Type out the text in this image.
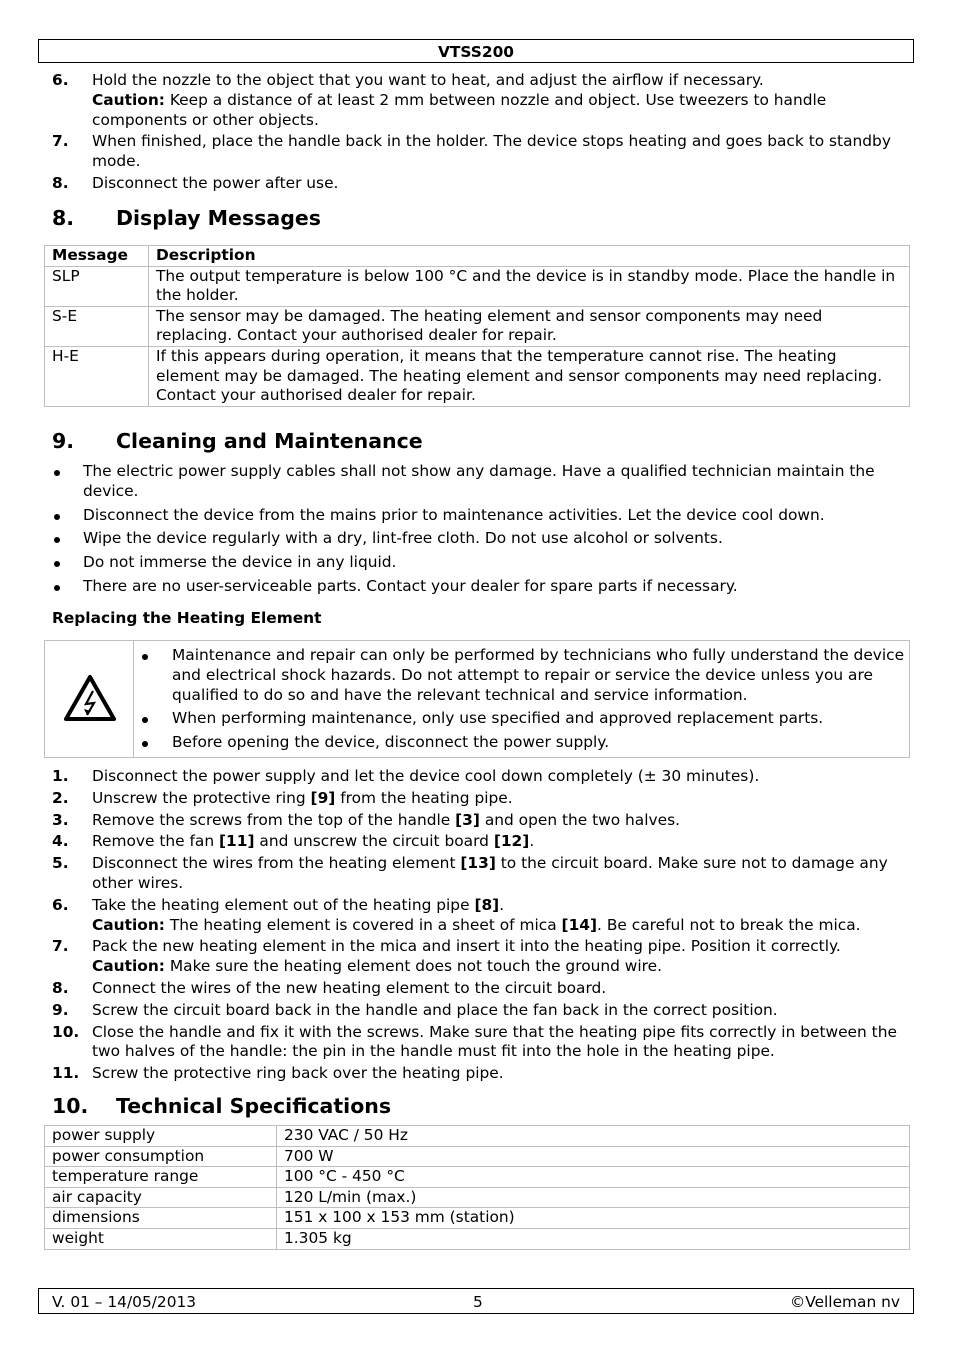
VTSS200
6. Hold the nozzle to the object that you want to heat, and adjust the airflow if necessary.
Caution: Keep a distance of at least 2 mm between nozzle and object. Use tweezers to handle components or other objects.
7. When finished, place the handle back in the holder. The device stops heating and goes back to standby mode.
8. Disconnect the power after use.
8. Display Messages
Message	Description
SLP	The output temperature is below 100 °C and the device is in standby mode. Place the handle in the holder.
S-E	The sensor may be damaged. The heating element and sensor components may need replacing. Contact your authorised dealer for repair.
H-E	If this appears during operation, it means that the temperature cannot rise. The heating element may be damaged. The heating element and sensor components may need replacing. Contact your authorised dealer for repair.
9. Cleaning and Maintenance
The electric power supply cables shall not show any damage. Have a qualified technician maintain the device.
Disconnect the device from the mains prior to maintenance activities. Let the device cool down.
Wipe the device regularly with a dry, lint-free cloth. Do not use alcohol or solvents.
Do not immerse the device in any liquid.
There are no user-serviceable parts. Contact your dealer for spare parts if necessary.
Replacing the Heating Element
Maintenance and repair can only be performed by technicians who fully understand the device and electrical shock hazards. Do not attempt to repair or service the device unless you are qualified to do so and have the relevant technical and service information.
When performing maintenance, only use specified and approved replacement parts.
Before opening the device, disconnect the power supply.
1. Disconnect the power supply and let the device cool down completely (± 30 minutes).
2. Unscrew the protective ring [9] from the heating pipe.
3. Remove the screws from the top of the handle [3] and open the two halves.
4. Remove the fan [11] and unscrew the circuit board [12].
5. Disconnect the wires from the heating element [13] to the circuit board. Make sure not to damage any other wires.
6. Take the heating element out of the heating pipe [8].
Caution: The heating element is covered in a sheet of mica [14]. Be careful not to break the mica.
7. Pack the new heating element in the mica and insert it into the heating pipe. Position it correctly.
Caution: Make sure the heating element does not touch the ground wire.
8. Connect the wires of the new heating element to the circuit board.
9. Screw the circuit board back in the handle and place the fan back in the correct position.
10. Close the handle and fix it with the screws. Make sure that the heating pipe fits correctly in between the two halves of the handle: the pin in the handle must fit into the hole in the heating pipe.
11. Screw the protective ring back over the heating pipe.
10. Technical Specifications
power supply	230 VAC / 50 Hz
power consumption	700 W
temperature range	100 °C - 450 °C
air capacity	120 L/min (max.)
dimensions	151 x 100 x 153 mm (station)
weight	1.305 kg
V. 01 – 14/05/2013	5	©Velleman nv
